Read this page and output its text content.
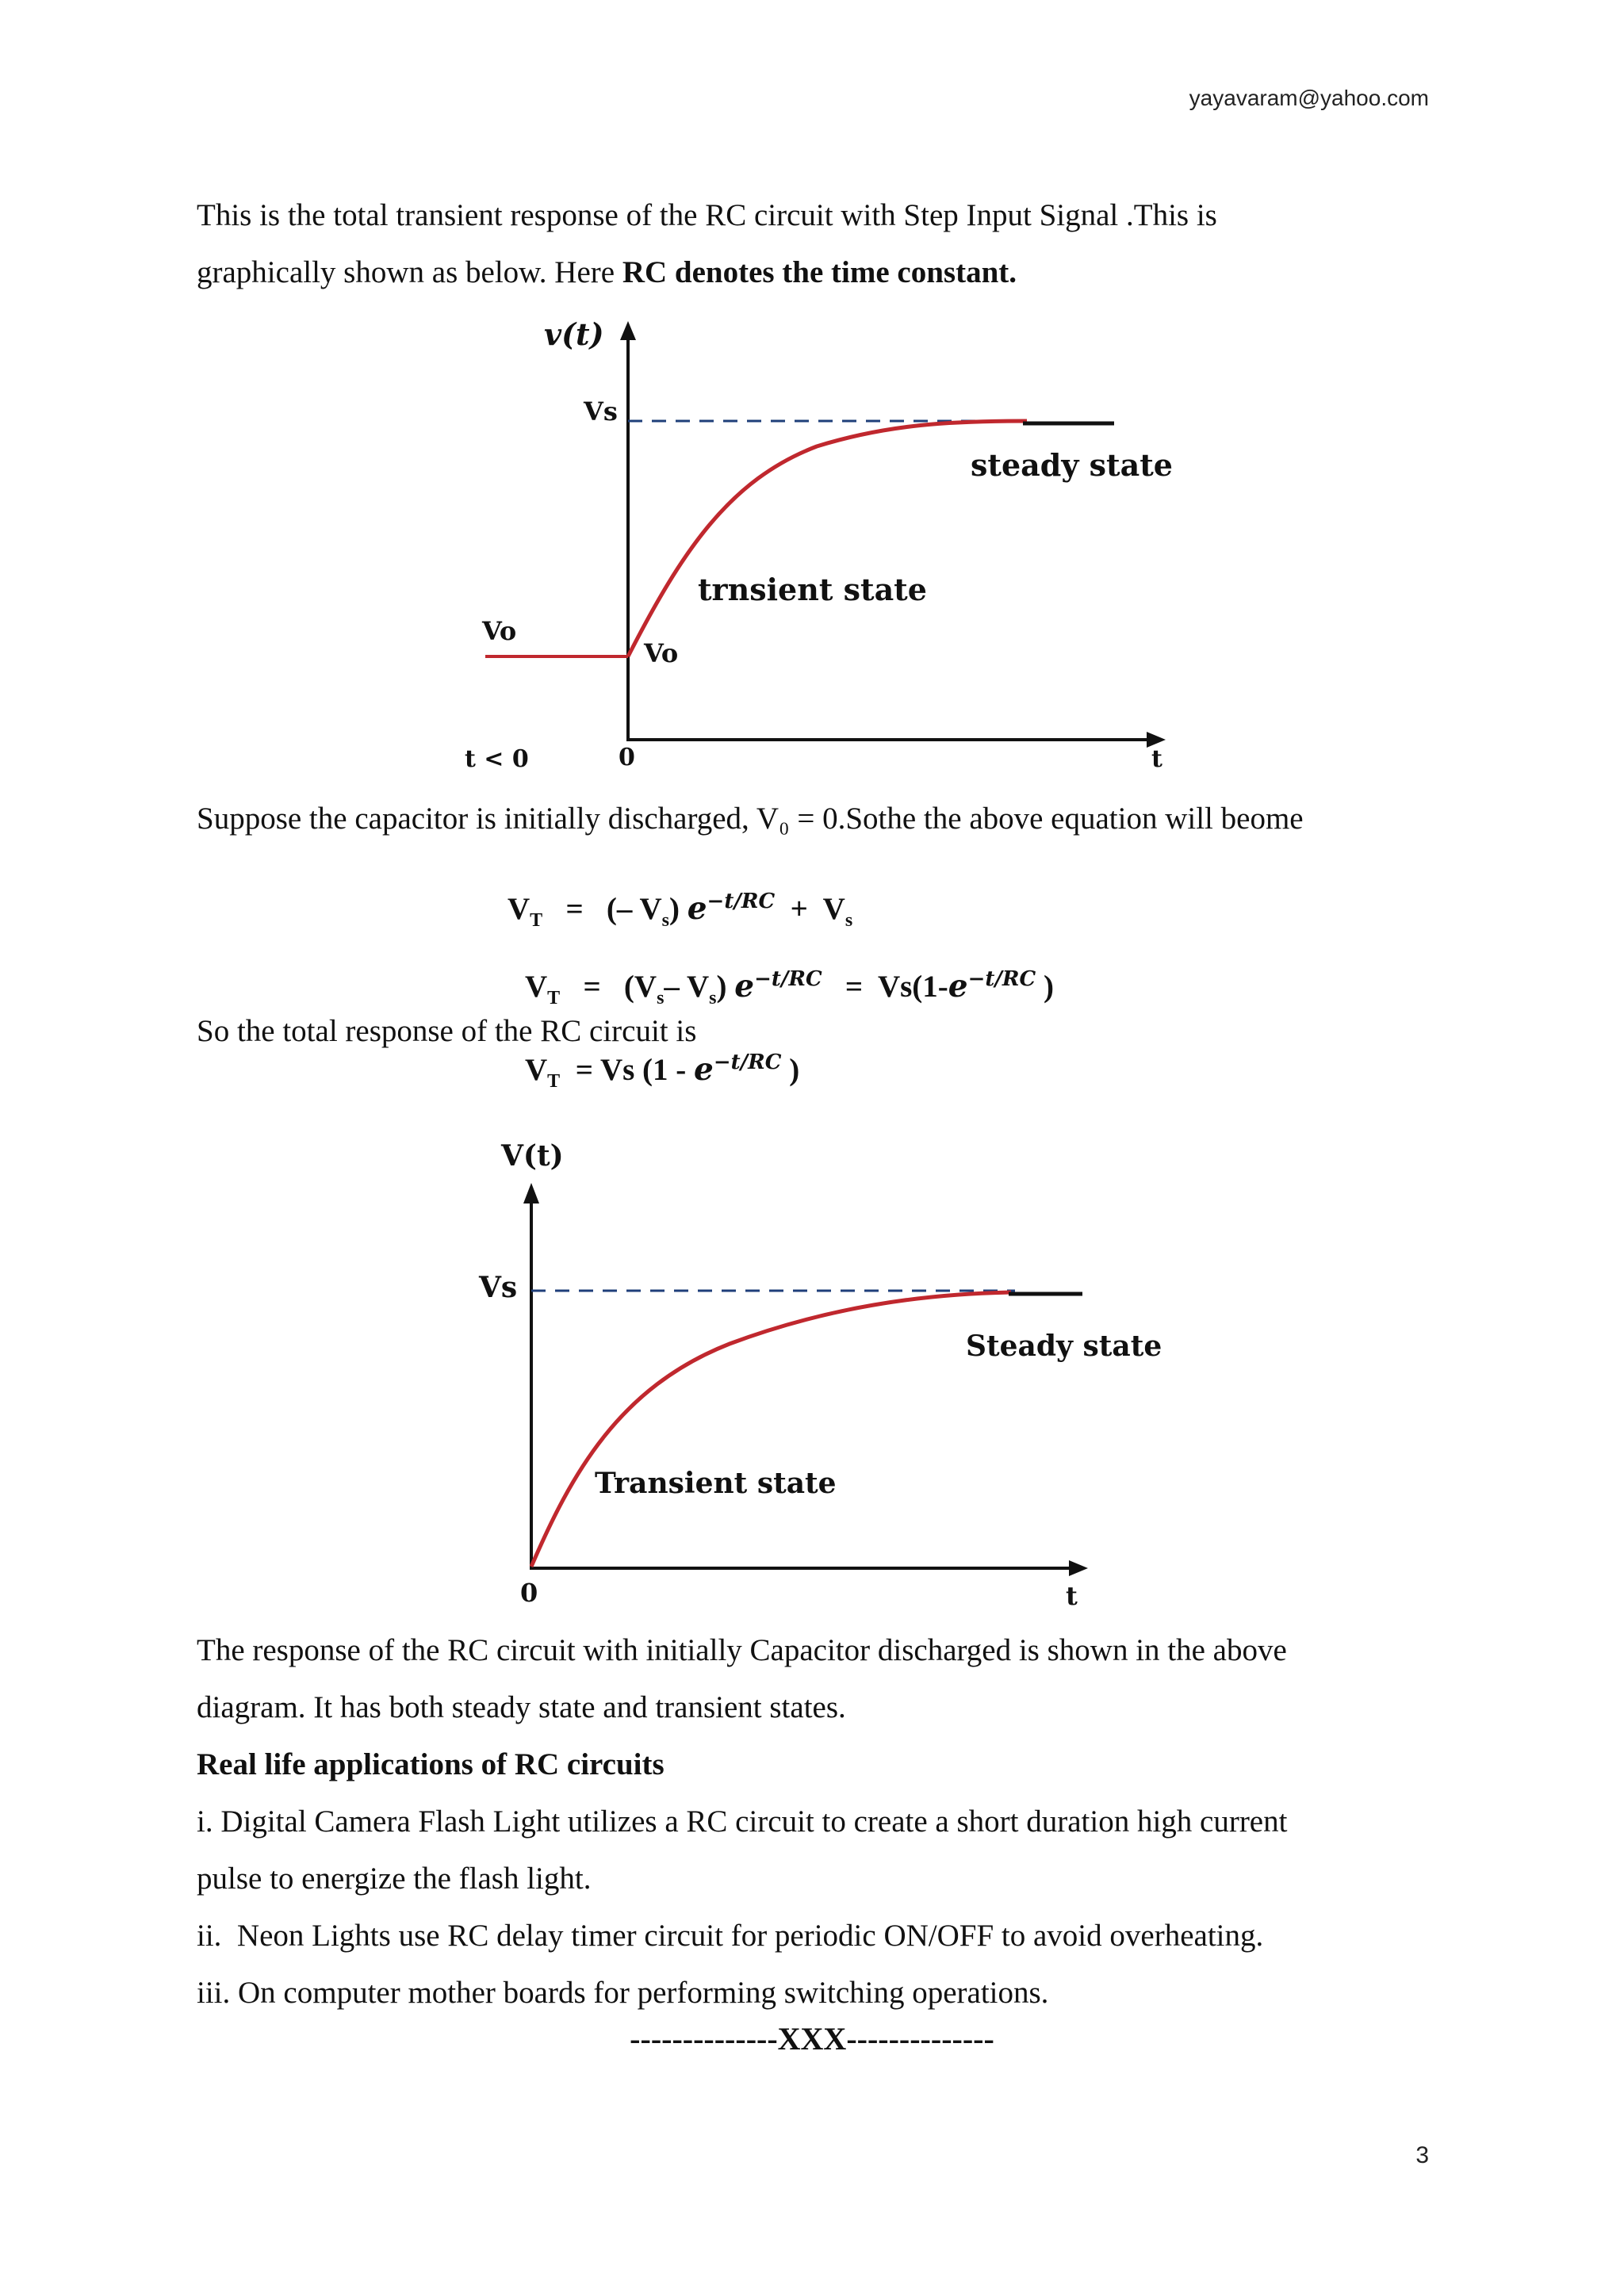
yayavaram@yahoo.com
This is the total transient response of the RC circuit with Step Input Signal .This is
graphically shown as below. Here RC denotes the time constant.
v(t)
Vs
steady state
trnsient state
Vo
Vo
t < 0	0	t
Suppose the capacitor is initially discharged, V₀ = 0.Sothe the above equation will beome
$V_T$ = (– $V_s$) $e^{-t/RC} + V_s$
$V_T = (V_s-$ $V_s$) $e^{-t/RC} = Vs(1-e^{-t/RC}$ )
So the total response of the RC circuit is
$V_T = Vs$ ($1 - e^{-t/RC}$ )
V(t)
Vs
Steady state
Transient state
0	t
The response of the RC circuit with initially Capacitor discharged is shown in the above
diagram. It has both steady state and transient states.
Real life applications of RC circuits
i. Digital Camera Flash Light utilizes a RC circuit to create a short duration high current
pulse to energize the flash light.
ii.  Neon Lights use RC delay timer circuit for periodic ON/OFF to avoid overheating.
iii. On computer mother boards for performing switching operations.
--------------XXX--------------
3
